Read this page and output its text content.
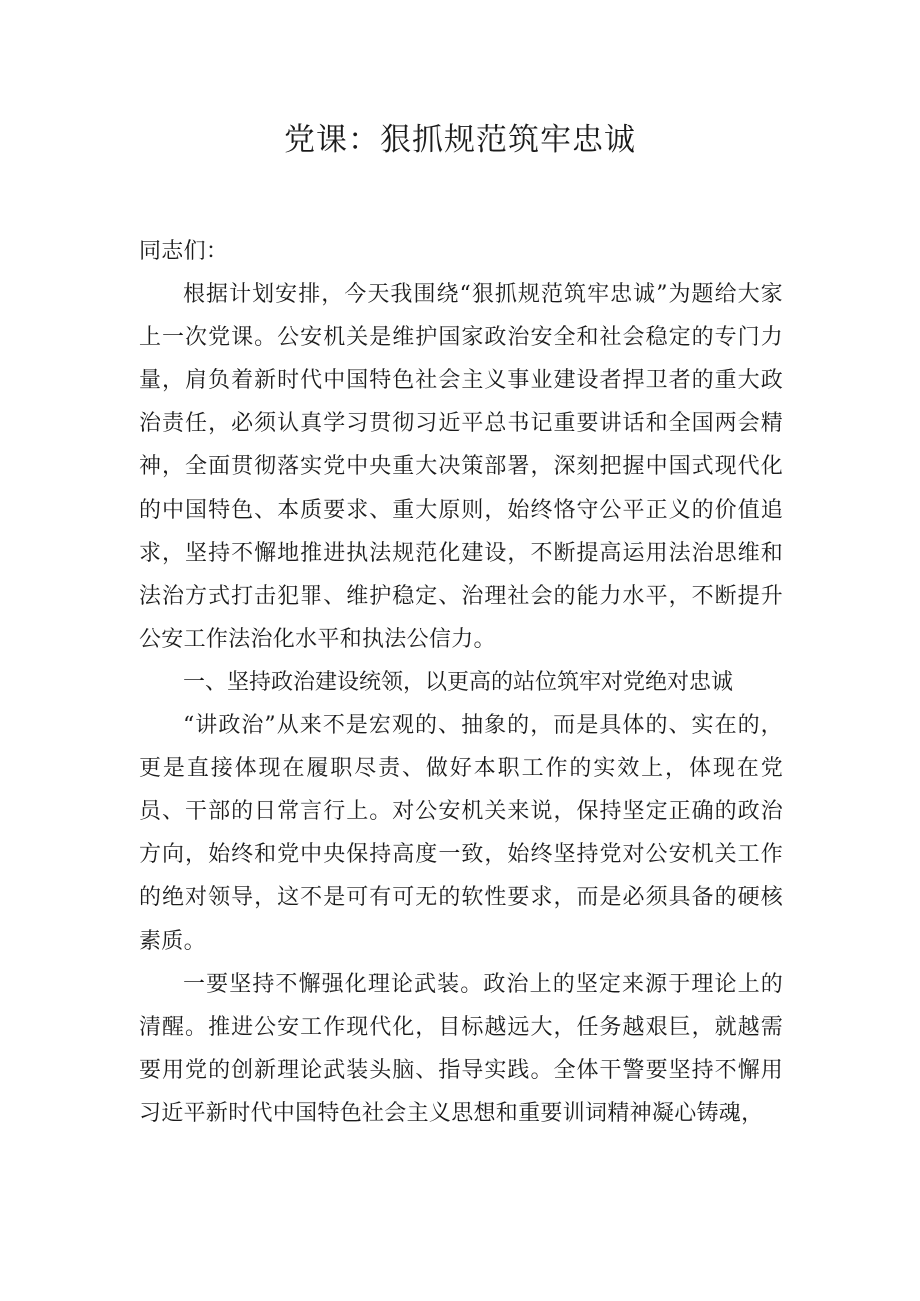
党课：狠抓规范筑牢忠诚

同志们：

根据计划安排，今天我围绕“狠抓规范筑牢忠诚”为题给大家上一次党课。公安机关是维护国家政治安全和社会稳定的专门力量，肩负着新时代中国特色社会主义事业建设者捍卫者的重大政治责任，必须认真学习贯彻习近平总书记重要讲话和全国两会精神，全面贯彻落实党中央重大决策部署，深刻把握中国式现代化的中国特色、本质要求、重大原则，始终恪守公平正义的价值追求，坚持不懈地推进执法规范化建设，不断提高运用法治思维和法治方式打击犯罪、维护稳定、治理社会的能力水平，不断提升公安工作法治化水平和执法公信力。

一、坚持政治建设统领，以更高的站位筑牢对党绝对忠诚

“讲政治”从来不是宏观的、抽象的，而是具体的、实在的，更是直接体现在履职尽责、做好本职工作的实效上，体现在党员、干部的日常言行上。对公安机关来说，保持坚定正确的政治方向，始终和党中央保持高度一致，始终坚持党对公安机关工作的绝对领导，这不是可有可无的软性要求，而是必须具备的硬核素质。

一要坚持不懈强化理论武装。政治上的坚定来源于理论上的清醒。推进公安工作现代化，目标越远大，任务越艰巨，就越需要用党的创新理论武装头脑、指导实践。全体干警要坚持不懈用习近平新时代中国特色社会主义思想和重要训词精神凝心铸魂，
